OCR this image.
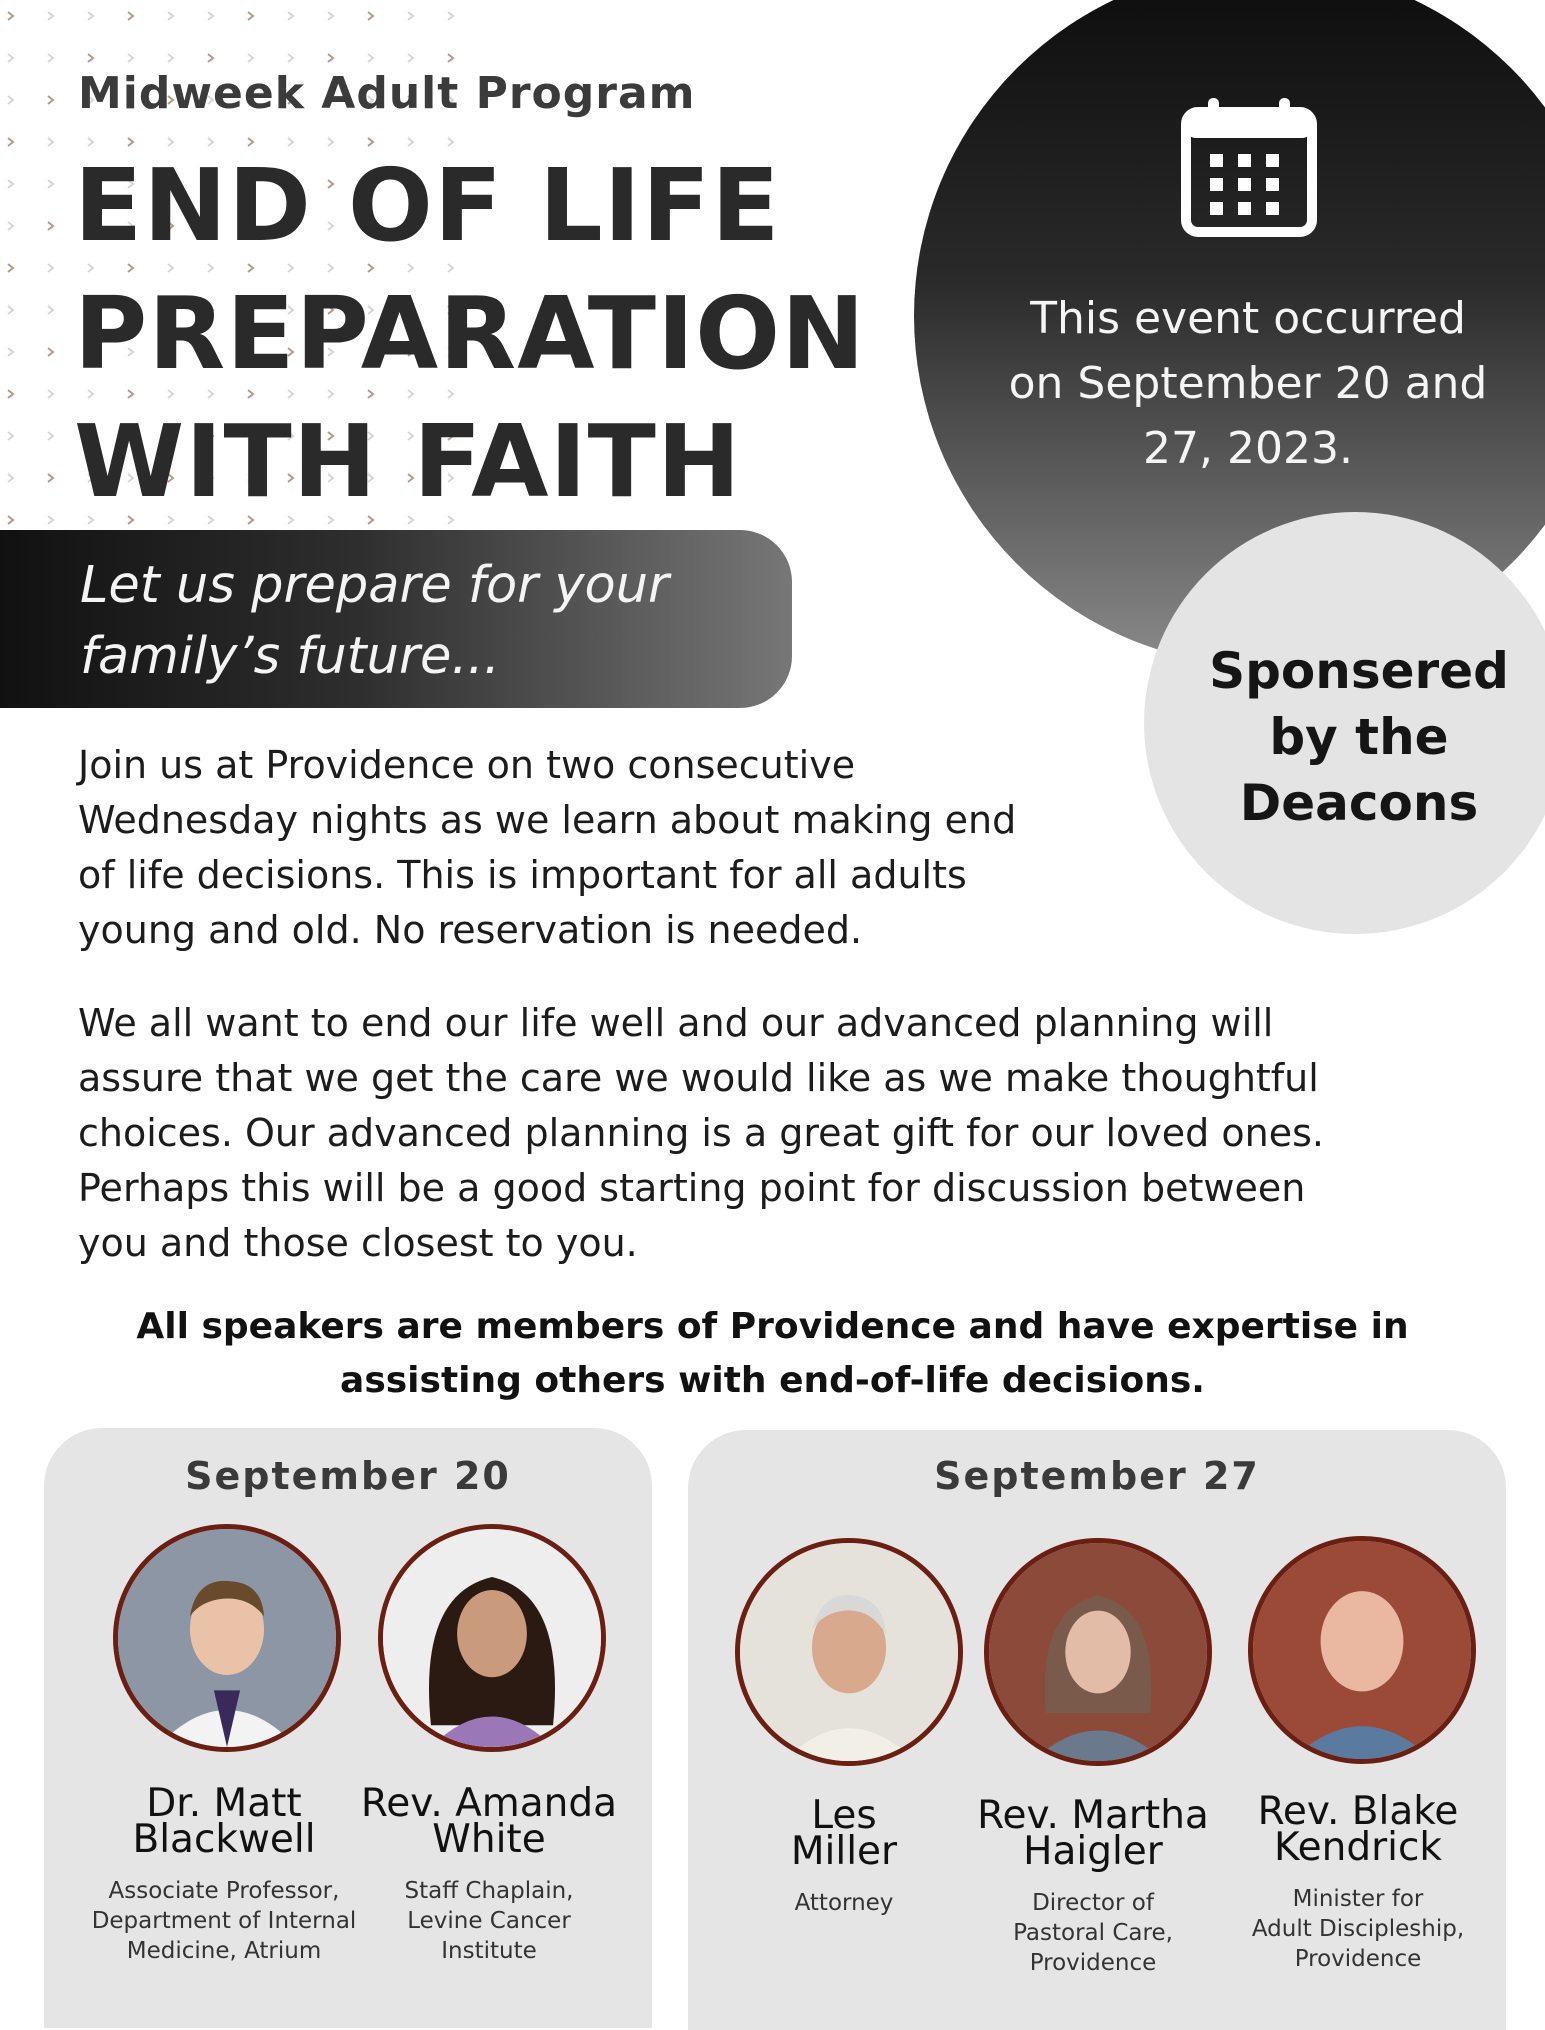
Midweek Adult Program
END OF LIFE
PREPARATION
WITH FAITH
Let us prepare for your
family’s future...
This event occurred
on September 20 and
27, 2023.
Sponsered
by the
Deacons
Join us at Providence on two consecutive
Wednesday nights as we learn about making end
of life decisions. This is important for all adults
young and old. No reservation is needed.
We all want to end our life well and our advanced planning will
assure that we get the care we would like as we make thoughtful
choices. Our advanced planning is a great gift for our loved ones.
Perhaps this will be a good starting point for discussion between
you and those closest to you.
All speakers are members of Providence and have expertise in
assisting others with end-of-life decisions.
September 20
Dr. Matt
Blackwell
Associate Professor,
Department of Internal
Medicine, Atrium
Rev. Amanda
White
Staff Chaplain,
Levine Cancer
Institute
September 27
Les
Miller
Attorney
Rev. Martha
Haigler
Director of
Pastoral Care,
Providence
Rev. Blake
Kendrick
Minister for
Adult Discipleship,
Providence
